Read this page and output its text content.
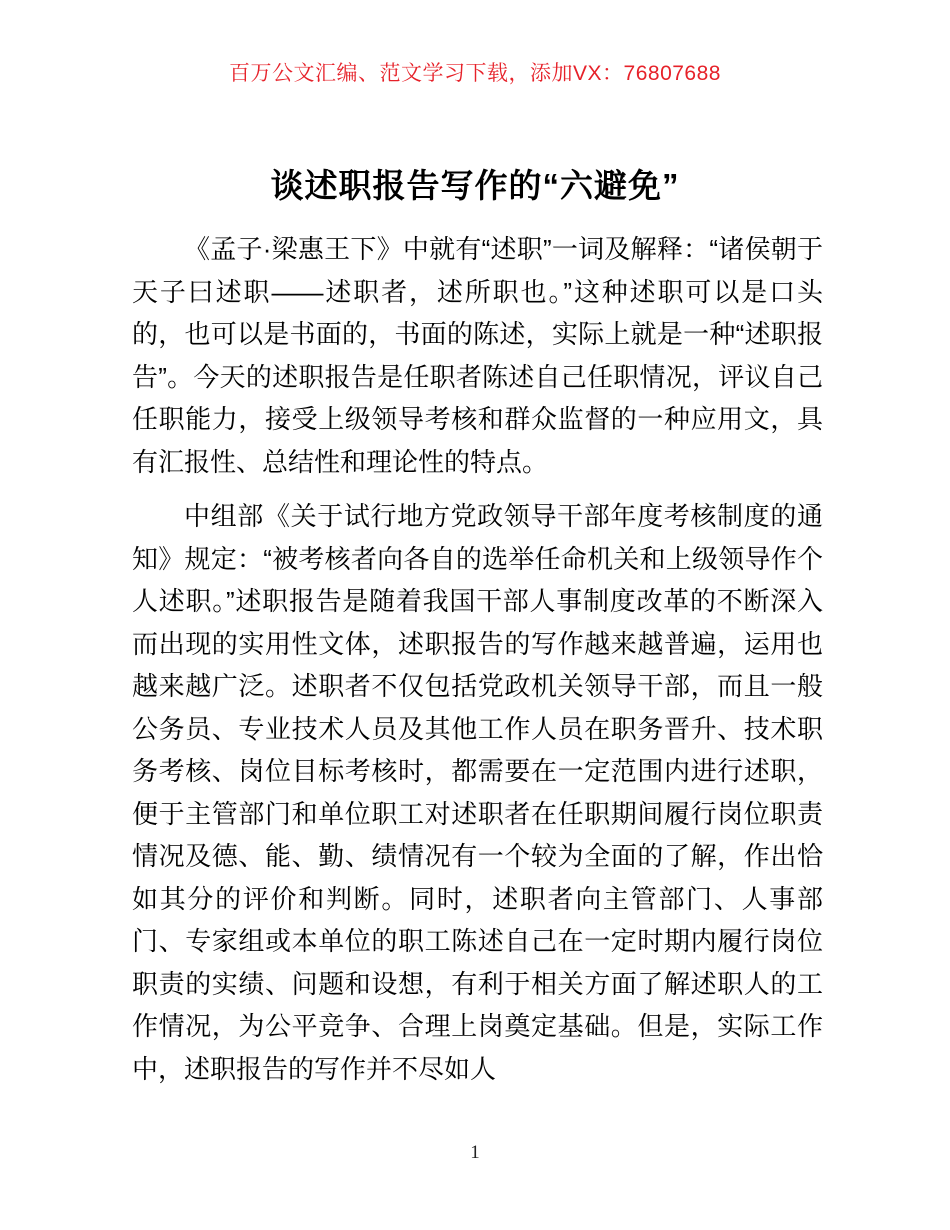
百万公文汇编、范文学习下载，添加VX：76807688
谈述职报告写作的“六避免”

《孟子·梁惠王下》中就有“述职”一词及解释：“诸侯朝于天子曰述职——述职者，述所职也。”这种述职可以是口头的，也可以是书面的，书面的陈述，实际上就是一种“述职报告”。今天的述职报告是任职者陈述自己任职情况，评议自己任职能力，接受上级领导考核和群众监督的一种应用文，具有汇报性、总结性和理论性的特点。

中组部《关于试行地方党政领导干部年度考核制度的通知》规定：“被考核者向各自的选举任命机关和上级领导作个人述职。”述职报告是随着我国干部人事制度改革的不断深入而出现的实用性文体，述职报告的写作越来越普遍，运用也越来越广泛。述职者不仅包括党政机关领导干部，而且一般公务员、专业技术人员及其他工作人员在职务晋升、技术职务考核、岗位目标考核时，都需要在一定范围内进行述职，便于主管部门和单位职工对述职者在任职期间履行岗位职责情况及德、能、勤、绩情况有一个较为全面的了解，作出恰如其分的评价和判断。同时，述职者向主管部门、人事部门、专家组或本单位的职工陈述自己在一定时期内履行岗位职责的实绩、问题和设想，有利于相关方面了解述职人的工作情况，为公平竞争、合理上岗奠定基础。但是，实际工作中，述职报告的写作并不尽如人

1
